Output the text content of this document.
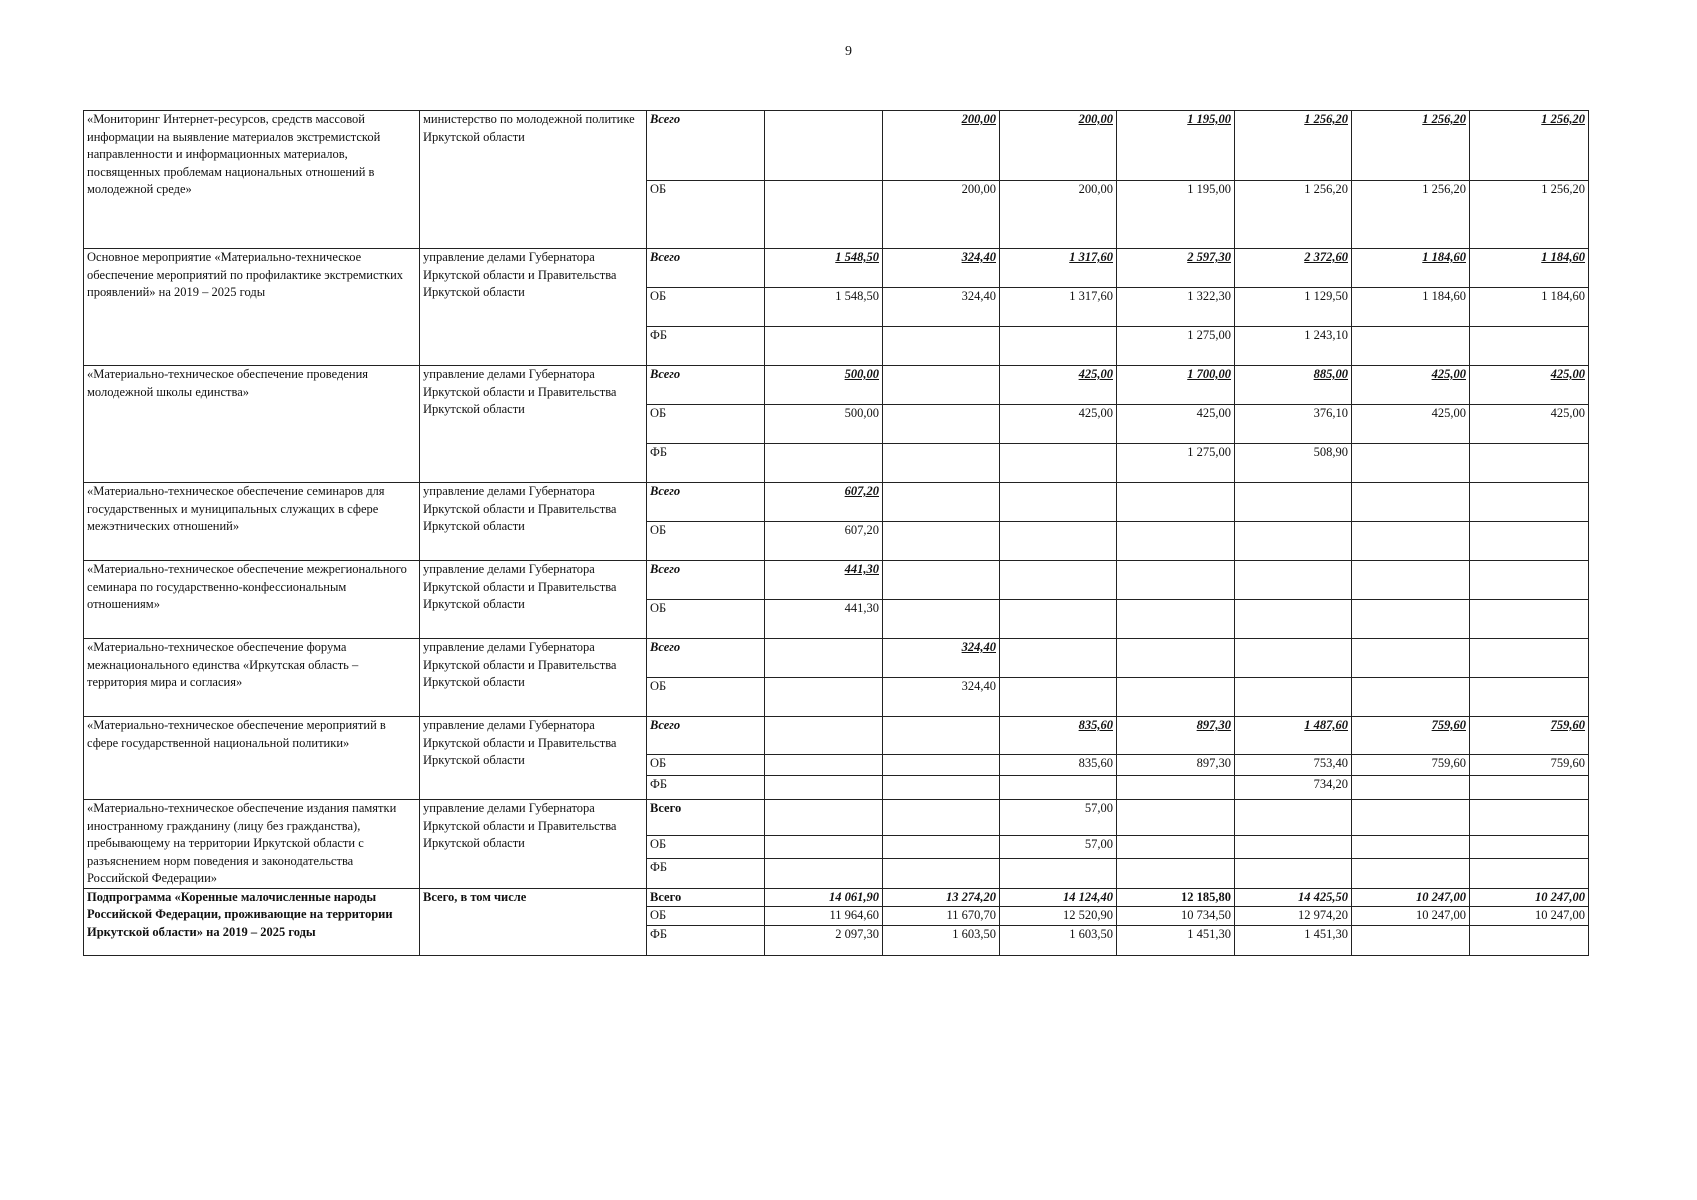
9
«Мониторинг Интернет-ресурсов, средств массовой информации на выявление материалов экстремистской направленности и информационных материалов, посвященных проблемам национальных отношений в молодежной среде»	министерство по молодежной политике Иркутской области	Всего		200,00	200,00	1 195,00	1 256,20	1 256,20	1 256,20
		ОБ		200,00	200,00	1 195,00	1 256,20	1 256,20	1 256,20
Основное мероприятие «Материально-техническое обеспечение мероприятий по профилактике экстремистких проявлений» на 2019 – 2025 годы	управление делами Губернатора Иркутской области и Правительства Иркутской области	Всего	1 548,50	324,40	1 317,60	2 597,30	2 372,60	1 184,60	1 184,60
		ОБ	1 548,50	324,40	1 317,60	1 322,30	1 129,50	1 184,60	1 184,60
		ФБ				1 275,00	1 243,10		
«Материально-техническое обеспечение проведения молодежной школы единства»	управление делами Губернатора Иркутской области и Правительства Иркутской области	Всего	500,00		425,00	1 700,00	885,00	425,00	425,00
		ОБ	500,00		425,00	425,00	376,10	425,00	425,00
		ФБ				1 275,00	508,90		
«Материально-техническое обеспечение семинаров для государственных и муниципальных служащих в сфере межэтнических отношений»	управление делами Губернатора Иркутской области и Правительства Иркутской области	Всего	607,20						
		ОБ	607,20						
«Материально-техническое обеспечение межрегионального семинара по государственно-конфессиональным отношениям»	управление делами Губернатора Иркутской области и Правительства Иркутской области	Всего	441,30						
		ОБ	441,30						
«Материально-техническое обеспечение форума межнационального единства «Иркутская область – территория мира и согласия»	управление делами Губернатора Иркутской области и Правительства Иркутской области	Всего		324,40					
		ОБ		324,40					
«Материально-техническое обеспечение мероприятий в сфере государственной национальной политики»	управление делами Губернатора Иркутской области и Правительства Иркутской области	Всего			835,60	897,30	1 487,60	759,60	759,60
		ОБ			835,60	897,30	753,40	759,60	759,60
		ФБ					734,20		
«Материально-техническое обеспечение издания памятки иностранному гражданину (лицу без гражданства), пребывающему на территории Иркутской области с разъяснением норм поведения и законодательства Российской Федерации»	управление делами Губернатора Иркутской области и Правительства Иркутской области	Всего			57,00				
		ОБ			57,00				
		ФБ							
Подпрограмма «Коренные малочисленные народы Российской Федерации, проживающие на территории Иркутской области» на 2019 – 2025 годы	Всего, в том числе	Всего	14 061,90	13 274,20	14 124,40	12 185,80	14 425,50	10 247,00	10 247,00
		ОБ	11 964,60	11 670,70	12 520,90	10 734,50	12 974,20	10 247,00	10 247,00
		ФБ	2 097,30	1 603,50	1 603,50	1 451,30	1 451,30		
